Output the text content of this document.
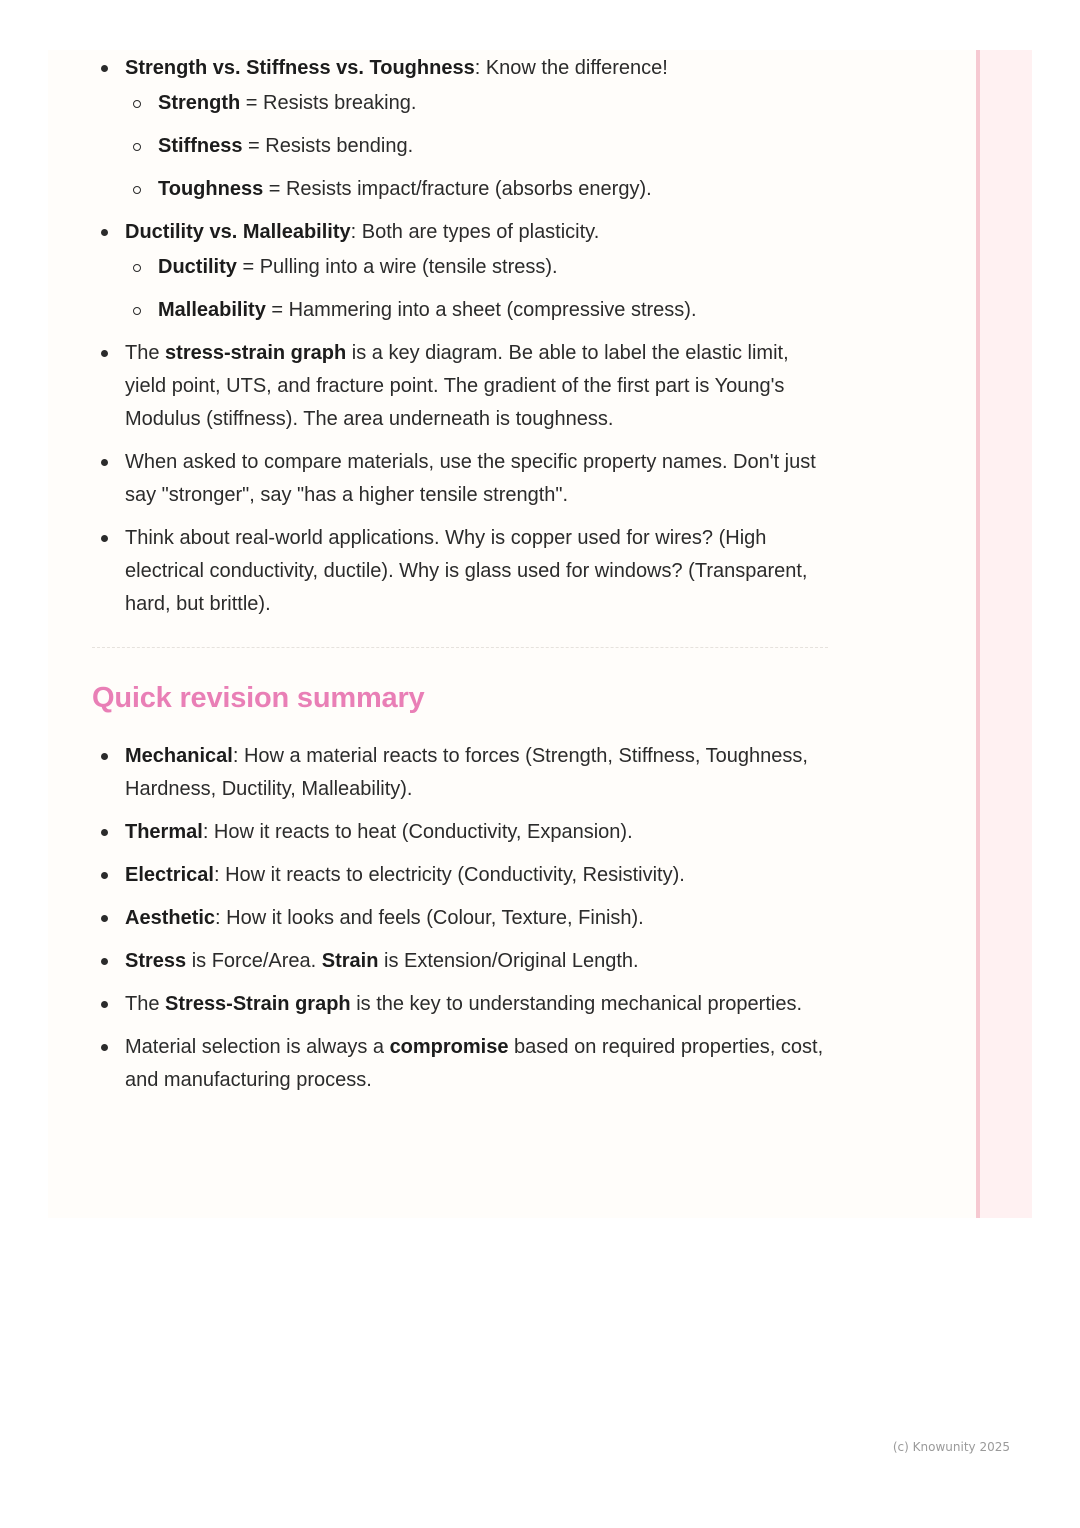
Strength vs. Stiffness vs. Toughness: Know the difference!
Strength = Resists breaking.
Stiffness = Resists bending.
Toughness = Resists impact/fracture (absorbs energy).
Ductility vs. Malleability: Both are types of plasticity.
Ductility = Pulling into a wire (tensile stress).
Malleability = Hammering into a sheet (compressive stress).
The stress-strain graph is a key diagram. Be able to label the elastic limit, yield point, UTS, and fracture point. The gradient of the first part is Young's Modulus (stiffness). The area underneath is toughness.
When asked to compare materials, use the specific property names. Don't just say "stronger", say "has a higher tensile strength".
Think about real-world applications. Why is copper used for wires? (High electrical conductivity, ductile). Why is glass used for windows? (Transparent, hard, but brittle).
Quick revision summary
Mechanical: How a material reacts to forces (Strength, Stiffness, Toughness, Hardness, Ductility, Malleability).
Thermal: How it reacts to heat (Conductivity, Expansion).
Electrical: How it reacts to electricity (Conductivity, Resistivity).
Aesthetic: How it looks and feels (Colour, Texture, Finish).
Stress is Force/Area. Strain is Extension/Original Length.
The Stress-Strain graph is the key to understanding mechanical properties.
Material selection is always a compromise based on required properties, cost, and manufacturing process.
(c) Knowunity 2025
